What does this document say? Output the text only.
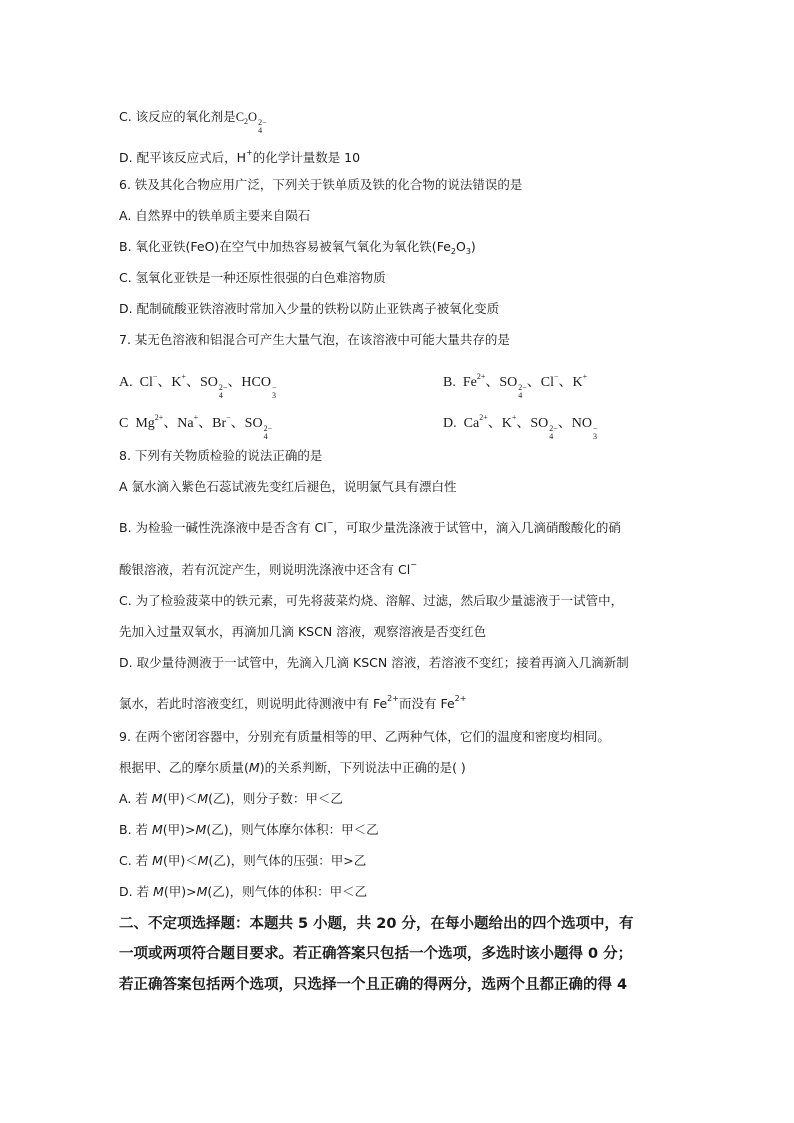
C. 该反应的氧化剂是$C_2O$ 2−
4
D. 配平该反应式后，H+的化学计量数是 10
6. 铁及其化合物应用广泛，下列关于铁单质及铁的化合物的说法错误的是
A. 自然界中的铁单质主要来自陨石
B. 氧化亚铁(FeO)在空气中加热容易被氧气氧化为氧化铁$(Fe_2O_3)$
C. 氢氧化亚铁是一种还原性很强的白色难溶物质
D. 配制硫酸亚铁溶液时常加入少量的铁粉以防止亚铁离子被氧化变质
7. 某无色溶液和铝混合可产生大量气泡，在该溶液中可能大量共存的是
A. Cl−、K+、SO 2−
4
、HCO −
3
B. $Fe^{2+}$、SO 2−
4
、Cl−、K+
C $Mg^{2+}$、Na+、Br−、SO 2−
4
D. $Ca^{2+}$、K+、SO 2−
4
、NO −
3
8. 下列有关物质检验的说法正确的是
A 氯水滴入紫色石蕊试液先变红后褪色，说明氯气具有漂白性
B. 为检验一碱性洗涤液中是否含有 Cl−，可取少量洗涤液于试管中，滴入几滴硝酸酸化的硝
酸银溶液，若有沉淀产生，则说明洗涤液中还含有 Cl−
C. 为了检验菠菜中的铁元素，可先将菠菜灼烧、溶解、过滤，然后取少量滤液于一试管中，
先加入过量双氧水，再滴加几滴 KSCN 溶液，观察溶液是否变红色
D. 取少量待测液于一试管中，先滴入几滴 KSCN 溶液，若溶液不变红；接着再滴入几滴新制
氯水，若此时溶液变红，则说明此待测液中有 $Fe^{2+}$而没有 $Fe^{2+}$
9. 在两个密闭容器中，分别充有质量相等的甲、乙两种气体，它们的温度和密度均相同。
根据甲、乙的摩尔质量(M)的关系判断，下列说法中正确的是( )
A. 若 M(甲)＜M(乙)，则分子数：甲＜乙
B. 若 M(甲)>M(乙)，则气体摩尔体积：甲＜乙
C. 若 M(甲)＜M(乙)，则气体的压强：甲>乙
D. 若 M(甲)>M(乙)，则气体的体积：甲＜乙
二、不定项选择题：本题共 5 小题，共 20 分，在每小题给出的四个选项中，有
一项或两项符合题目要求。若正确答案只包括一个选项，多选时该小题得 0 分；
若正确答案包括两个选项，只选择一个且正确的得两分，选两个且都正确的得 4
